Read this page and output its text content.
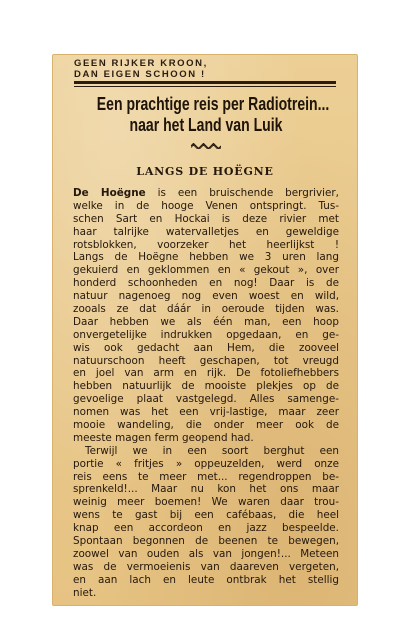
GEEN RIJKER KROON,
DAN EIGEN SCHOON !
Een prachtige reis per Radiotrein...
naar het Land van Luik
LANGS DE HOËGNE
De Hoëgne is een bruischende bergrivier,
welke in de hooge Venen ontspringt. Tus-
schen Sart en Hockai is deze rivier met
haar talrijke watervalletjes en geweldige
rotsblokken, voorzeker het heerlijkst !
Langs de Hoëgne hebben we 3 uren lang
gekuierd en geklommen en « gekout », over
honderd schoonheden en nog! Daar is de
natuur nagenoeg nog even woest en wild,
zooals ze dat dáár in oeroude tijden was.
Daar hebben we als één man, een hoop
onvergetelijke indrukken opgedaan, en ge-
wis ook gedacht aan Hem, die zooveel
natuurschoon heeft geschapen, tot vreugd
en joel van arm en rijk. De fotoliefhebbers
hebben natuurlijk de mooiste plekjes op de
gevoelige plaat vastgelegd. Alles samenge-
nomen was het een vrij-lastige, maar zeer
mooie wandeling, die onder meer ook de
meeste magen ferm geopend had.
Terwijl we in een soort berghut een
portie « fritjes » oppeuzelden, werd onze
reis eens te meer met... regendroppen be-
sprenkeld!... Maar nu kon het ons maar
weinig meer boemen! We waren daar trou-
wens te gast bij een cafébaas, die heel
knap een accordeon en jazz bespeelde.
Spontaan begonnen de beenen te bewegen,
zoowel van ouden als van jongen!... Meteen
was de vermoeienis van daareven vergeten,
en aan lach en leute ontbrak het stellig
niet.
